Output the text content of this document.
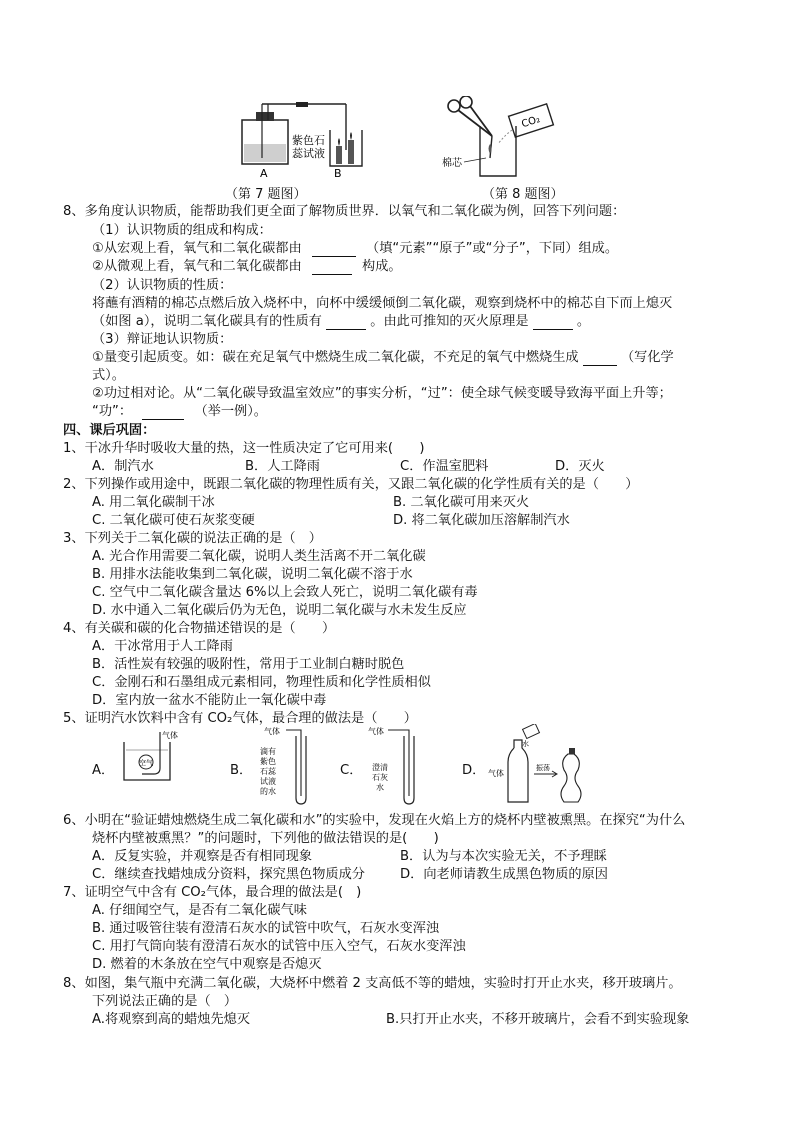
紫色石
蕊试液
A	B
（第 7 题图）
CO₂
棉芯
（第 8 题图）
8、多角度认识物质，能帮助我们更全面了解物质世界．以氧气和二氧化碳为例，回答下列问题：
（1）认识物质的组成和构成：
①从宏观上看，氧气和二氧化碳都由	（填“元素”“原子”或“分子”，下同）组成。
②从微观上看，氧气和二氧化碳都由	构成。
（2）认识物质的性质：
将蘸有酒精的棉芯点燃后放入烧杯中，向杯中缓缓倾倒二氧化碳，观察到烧杯中的棉芯自下而上熄灭
（如图 a），说明二氧化碳具有的性质有	。由此可推知的灭火原理是	。
（3）辩证地认识物质：
①量变引起质变。如：碳在充足氧气中燃烧生成二氧化碳，不充足的氧气中燃烧生成	（写化学
式）。
②功过相对论。从“二氧化碳导致温室效应”的事实分析，“过”：使全球气候变暖导致海平面上升等；
“功”：	（举一例）。
四、课后巩固：
1、干冰升华时吸收大量的热，这一性质决定了它可用来(　　)
A．制汽水	B．人工降雨	C．作温室肥料	D．灭火
2、下列操作或用途中，既跟二氧化碳的物理性质有关，又跟二氧化碳的化学性质有关的是（　　）
A. 用二氧化碳制干冰	B. 二氧化碳可用来灭火
C. 二氧化碳可使石灰浆变硬	D. 将二氧化碳加压溶解制汽水
3、下列关于二氧化碳的说法正确的是（　）
A. 光合作用需要二氧化碳，说明人类生活离不开二氧化碳
B. 用排水法能收集到二氧化碳，说明二氧化碳不溶于水
C. 空气中二氧化碳含量达 6%以上会致人死亡，说明二氧化碳有毒
D. 水中通入二氧化碳后仍为无色，说明二氧化碳与水未发生反应
4、有关碳和碳的化合物描述错误的是（　　）
A．干冰常用于人工降雨
B．活性炭有较强的吸附性，常用于工业制白糖时脱色
C．金刚石和石墨组成元素相同，物理性质和化学性质相似
D．室内放一盆水不能防止一氧化碳中毒
5、证明汽水饮料中含有 CO₂气体，最合理的做法是（　　）
A．	B．	C．	D．
气体
空气
气体
滴有
紫色
石蕊
试液
的水
气体
澄清
石灰
水
水
气体
振荡
6、小明在“验证蜡烛燃烧生成二氧化碳和水”的实验中，发现在火焰上方的烧杯内壁被熏黑。在探究“为什么
烧杯内壁被熏黑？”的问题时，下列他的做法错误的是(　　)
A．反复实验，并观察是否有相同现象	B．认为与本次实验无关，不予理睬
C．继续查找蜡烛成分资料，探究黑色物质成分	D．向老师请教生成黑色物质的原因
7、证明空气中含有 CO₂气体，最合理的做法是(　)
A. 仔细闻空气，是否有二氧化碳气味
B. 通过吸管往装有澄清石灰水的试管中吹气，石灰水变浑浊
C. 用打气筒向装有澄清石灰水的试管中压入空气，石灰水变浑浊
D. 燃着的木条放在空气中观察是否熄灭
8、如图，集气瓶中充满二氧化碳，大烧杯中燃着 2 支高低不等的蜡烛，实验时打开止水夹，移开玻璃片。
下列说法正确的是（　）
A.将观察到高的蜡烛先熄灭	B.只打开止水夹，不移开玻璃片，会看不到实验现象
